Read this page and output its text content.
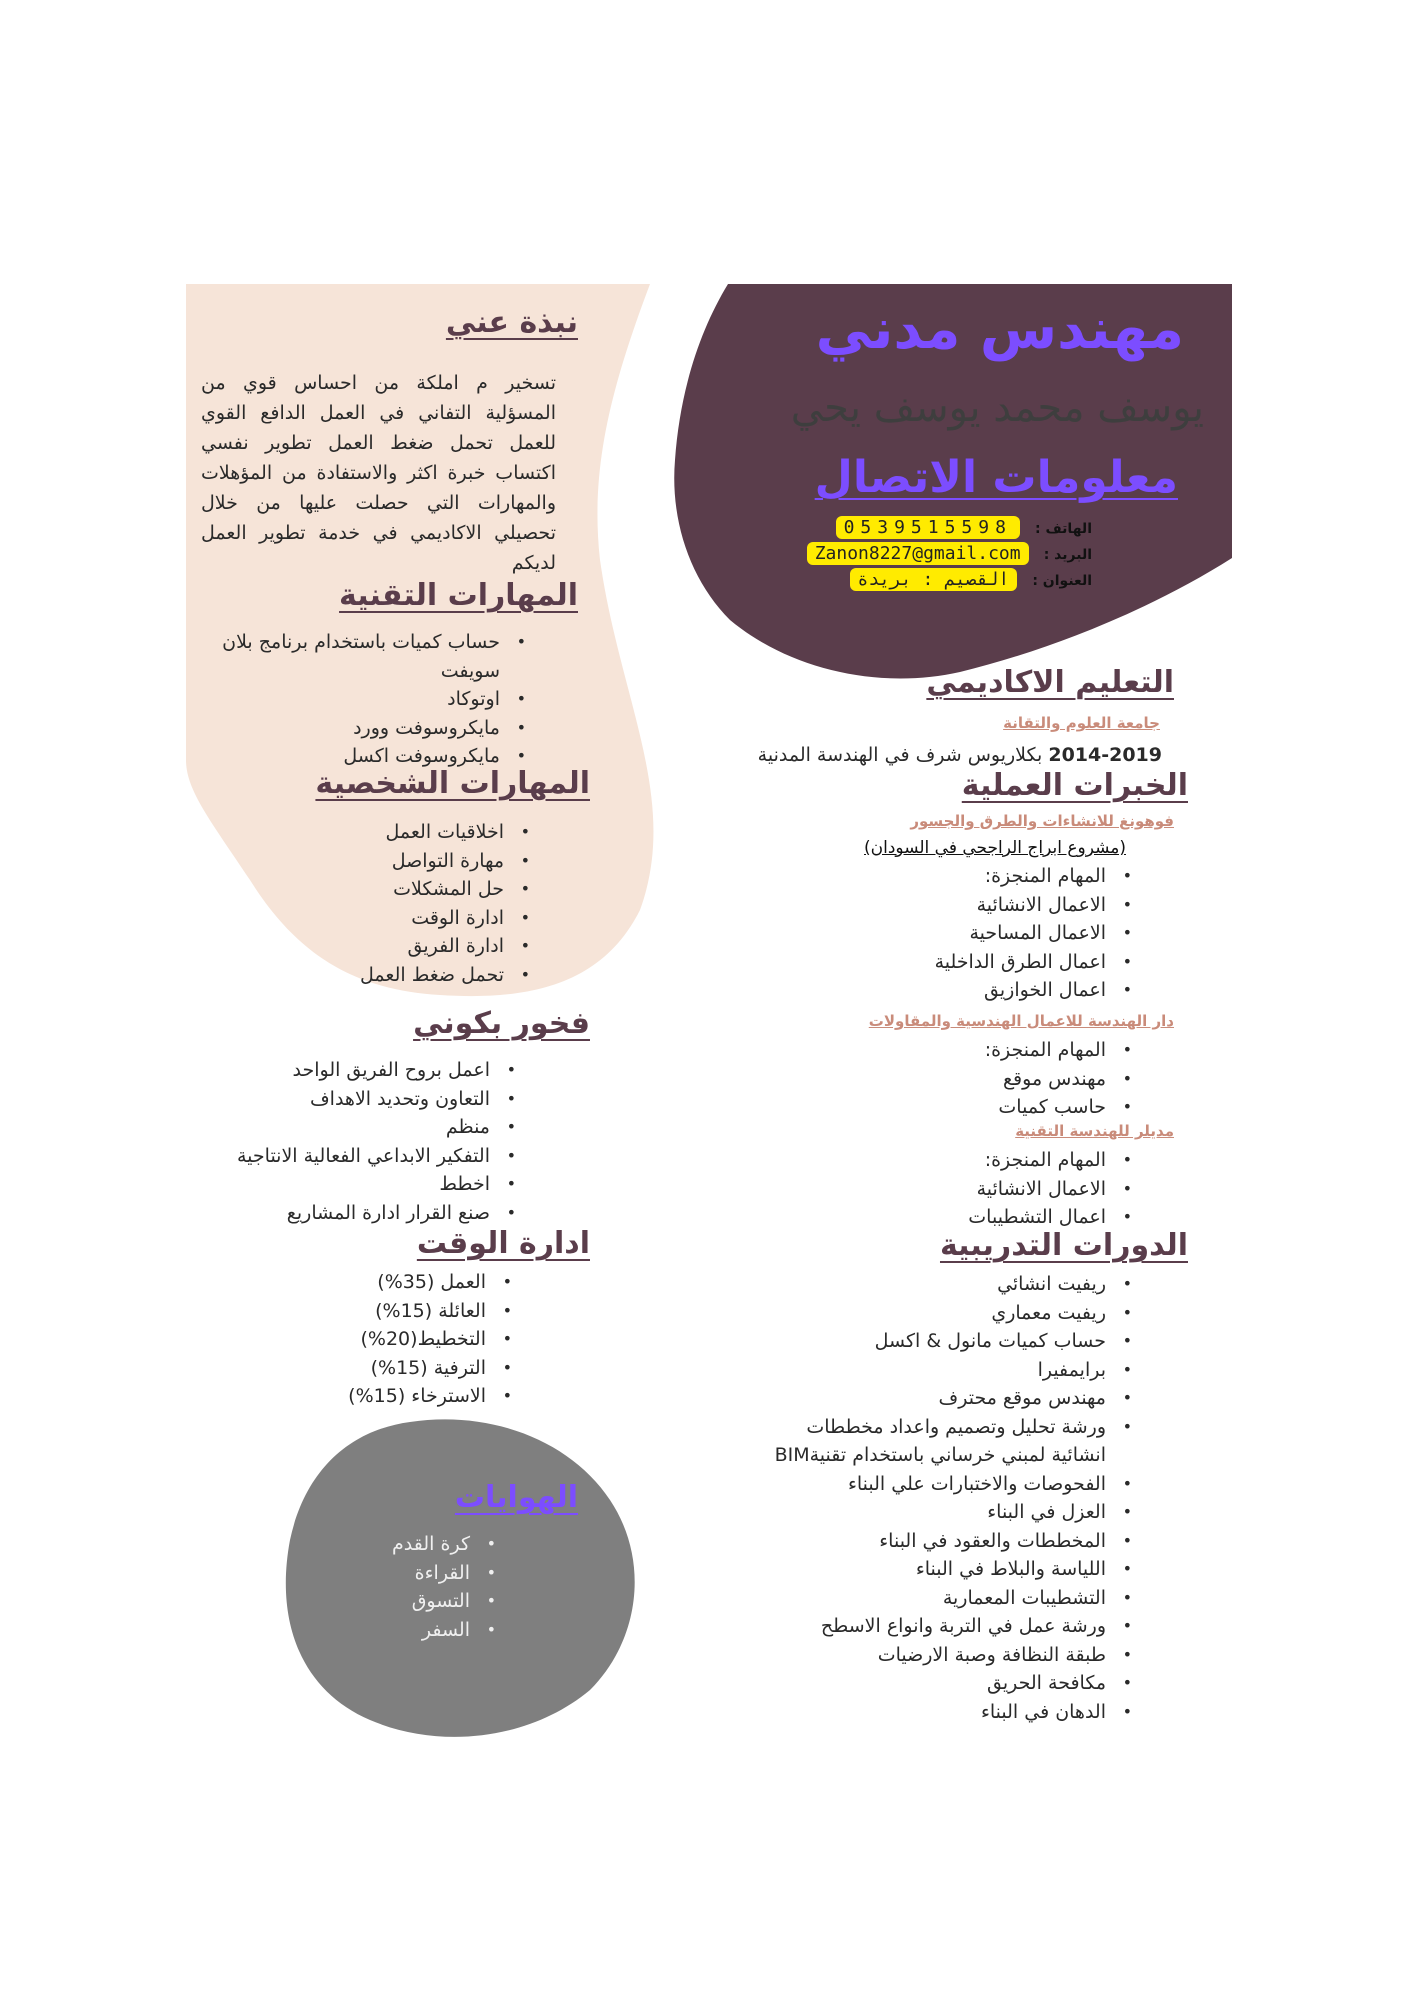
مهندس مدني
يوسف محمد يوسف يحي
معلومات الاتصال
الهاتف : 0539515598
البريد : Zanon8227@gmail.com
العنوان : القصيم : بريدة
نبذة عني
تسخير م املكة من احساس قوي من المسؤلية التفاني في العمل الدافع القوي للعمل تحمل ضغط العمل تطوير نفسي اكتساب خبرة اكثر والاستفادة من المؤهلات والمهارات التي حصلت عليها من خلال تحصيلي الاكاديمي في خدمة تطوير العمل لديكم
المهارات التقنية
• حساب كميات باستخدام برنامج بلان سويفت
• اوتوكاد
• مايكروسوفت وورد
• مايكروسوفت اكسل
المهارات الشخصية
• اخلاقيات العمل
• مهارة التواصل
• حل المشكلات
• ادارة الوقت
• ادارة الفريق
• تحمل ضغط العمل
فخور بكوني
• اعمل بروح الفريق الواحد
• التعاون وتحديد الاهداف
• منظم
• التفكير الابداعي الفعالية الانتاجية
• اخطط
• صنع القرار ادارة المشاريع
ادارة الوقت
• العمل (35%)
• العائلة (15%)
• التخطيط(20%)
• الترفية (15%)
• الاسترخاء (15%)
الهوايات
• كرة القدم
• القراءة
• التسوق
• السفر
التعليم الاكاديمي
جامعة العلوم والتقانة
2014-2019 بكلاريوس شرف في الهندسة المدنية
الخبرات العملية
فوهونغ للانشاءات والطرق والجسور
(مشروع ابراج الراجحي في السودان)
• المهام المنجزة:
• الاعمال الانشائية
• الاعمال المساحية
• اعمال الطرق الداخلية
• اعمال الخوازيق
دار الهندسة للاعمال الهندسية والمقاولات
• المهام المنجزة:
• مهندس موقع
• حاسب كميات
مديلر للهندسة التقنية
• المهام المنجزة:
• الاعمال الانشائية
• اعمال التشطيبات
الدورات التدريبية
• ريفيت انشائي
• ريفيت معماري
• حساب كميات مانول & اكسل
• برايمفيرا
• مهندس موقع محترف
• ورشة تحليل وتصميم واعداد مخططات انشائية لمبني خرساني باستخدام تقنيةBIM
• الفحوصات والاختبارات علي البناء
• العزل في البناء
• المخططات والعقود في البناء
• اللياسة والبلاط في البناء
• التشطيبات المعمارية
• ورشة عمل في التربة وانواع الاسطح
• طبقة النظافة وصبة الارضيات
• مكافحة الحريق
• الدهان في البناء
